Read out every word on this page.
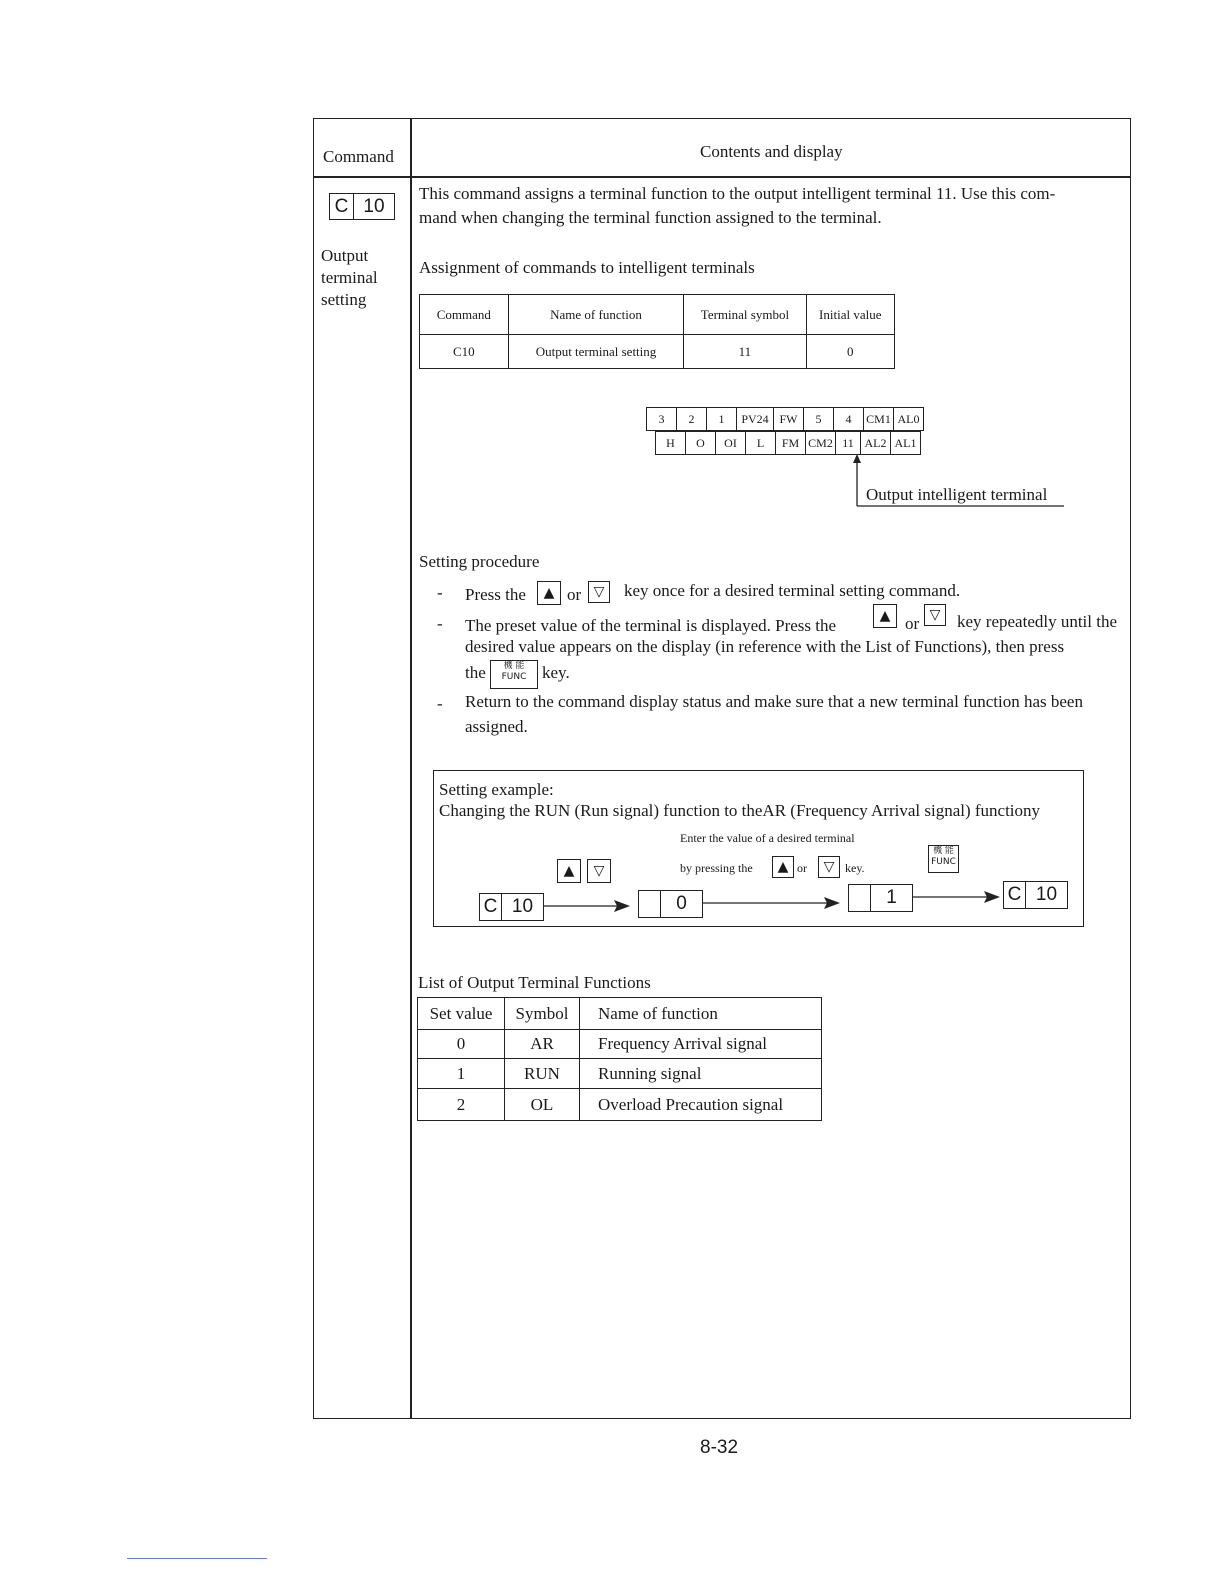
Command	Contents and display
C 10
Output
terminal
setting
This command assigns a terminal function to the output intelligent terminal 11. Use this com-
mand when changing the terminal function assigned to the terminal.
Assignment of commands to intelligent terminals
Command	Name of function	Terminal symbol	Initial value
C10	Output terminal setting	11	0
3	2	1	PV24	FW	5	4	CM1	AL0
H	O	OI	L	FM	CM2	11	AL2	AL1
Output intelligent terminal
Setting procedure
- Press the	▲ or ▽	key once for a desired terminal setting command.
- The preset value of the terminal is displayed. Press the	▲ or ▽ key repeatedly until the
desired value appears on the display (in reference with the List of Functions), then press
the	機 能
FUNC key.
- Return to the command display status and make sure that a new terminal function has been
assigned.
Setting example:
Changing the RUN (Run signal) function to theAR (Frequency Arrival signal) functiony
Enter the value of a desired terminal
by pressing the	▲ or	▽ key.
▲	▽
機 能
FUNC
C 10	0	1	C 10
List of Output Terminal Functions
Set value	Symbol	Name of function
0	AR	Frequency Arrival signal
1	RUN	Running signal
2	OL	Overload Precaution signal
8-32
